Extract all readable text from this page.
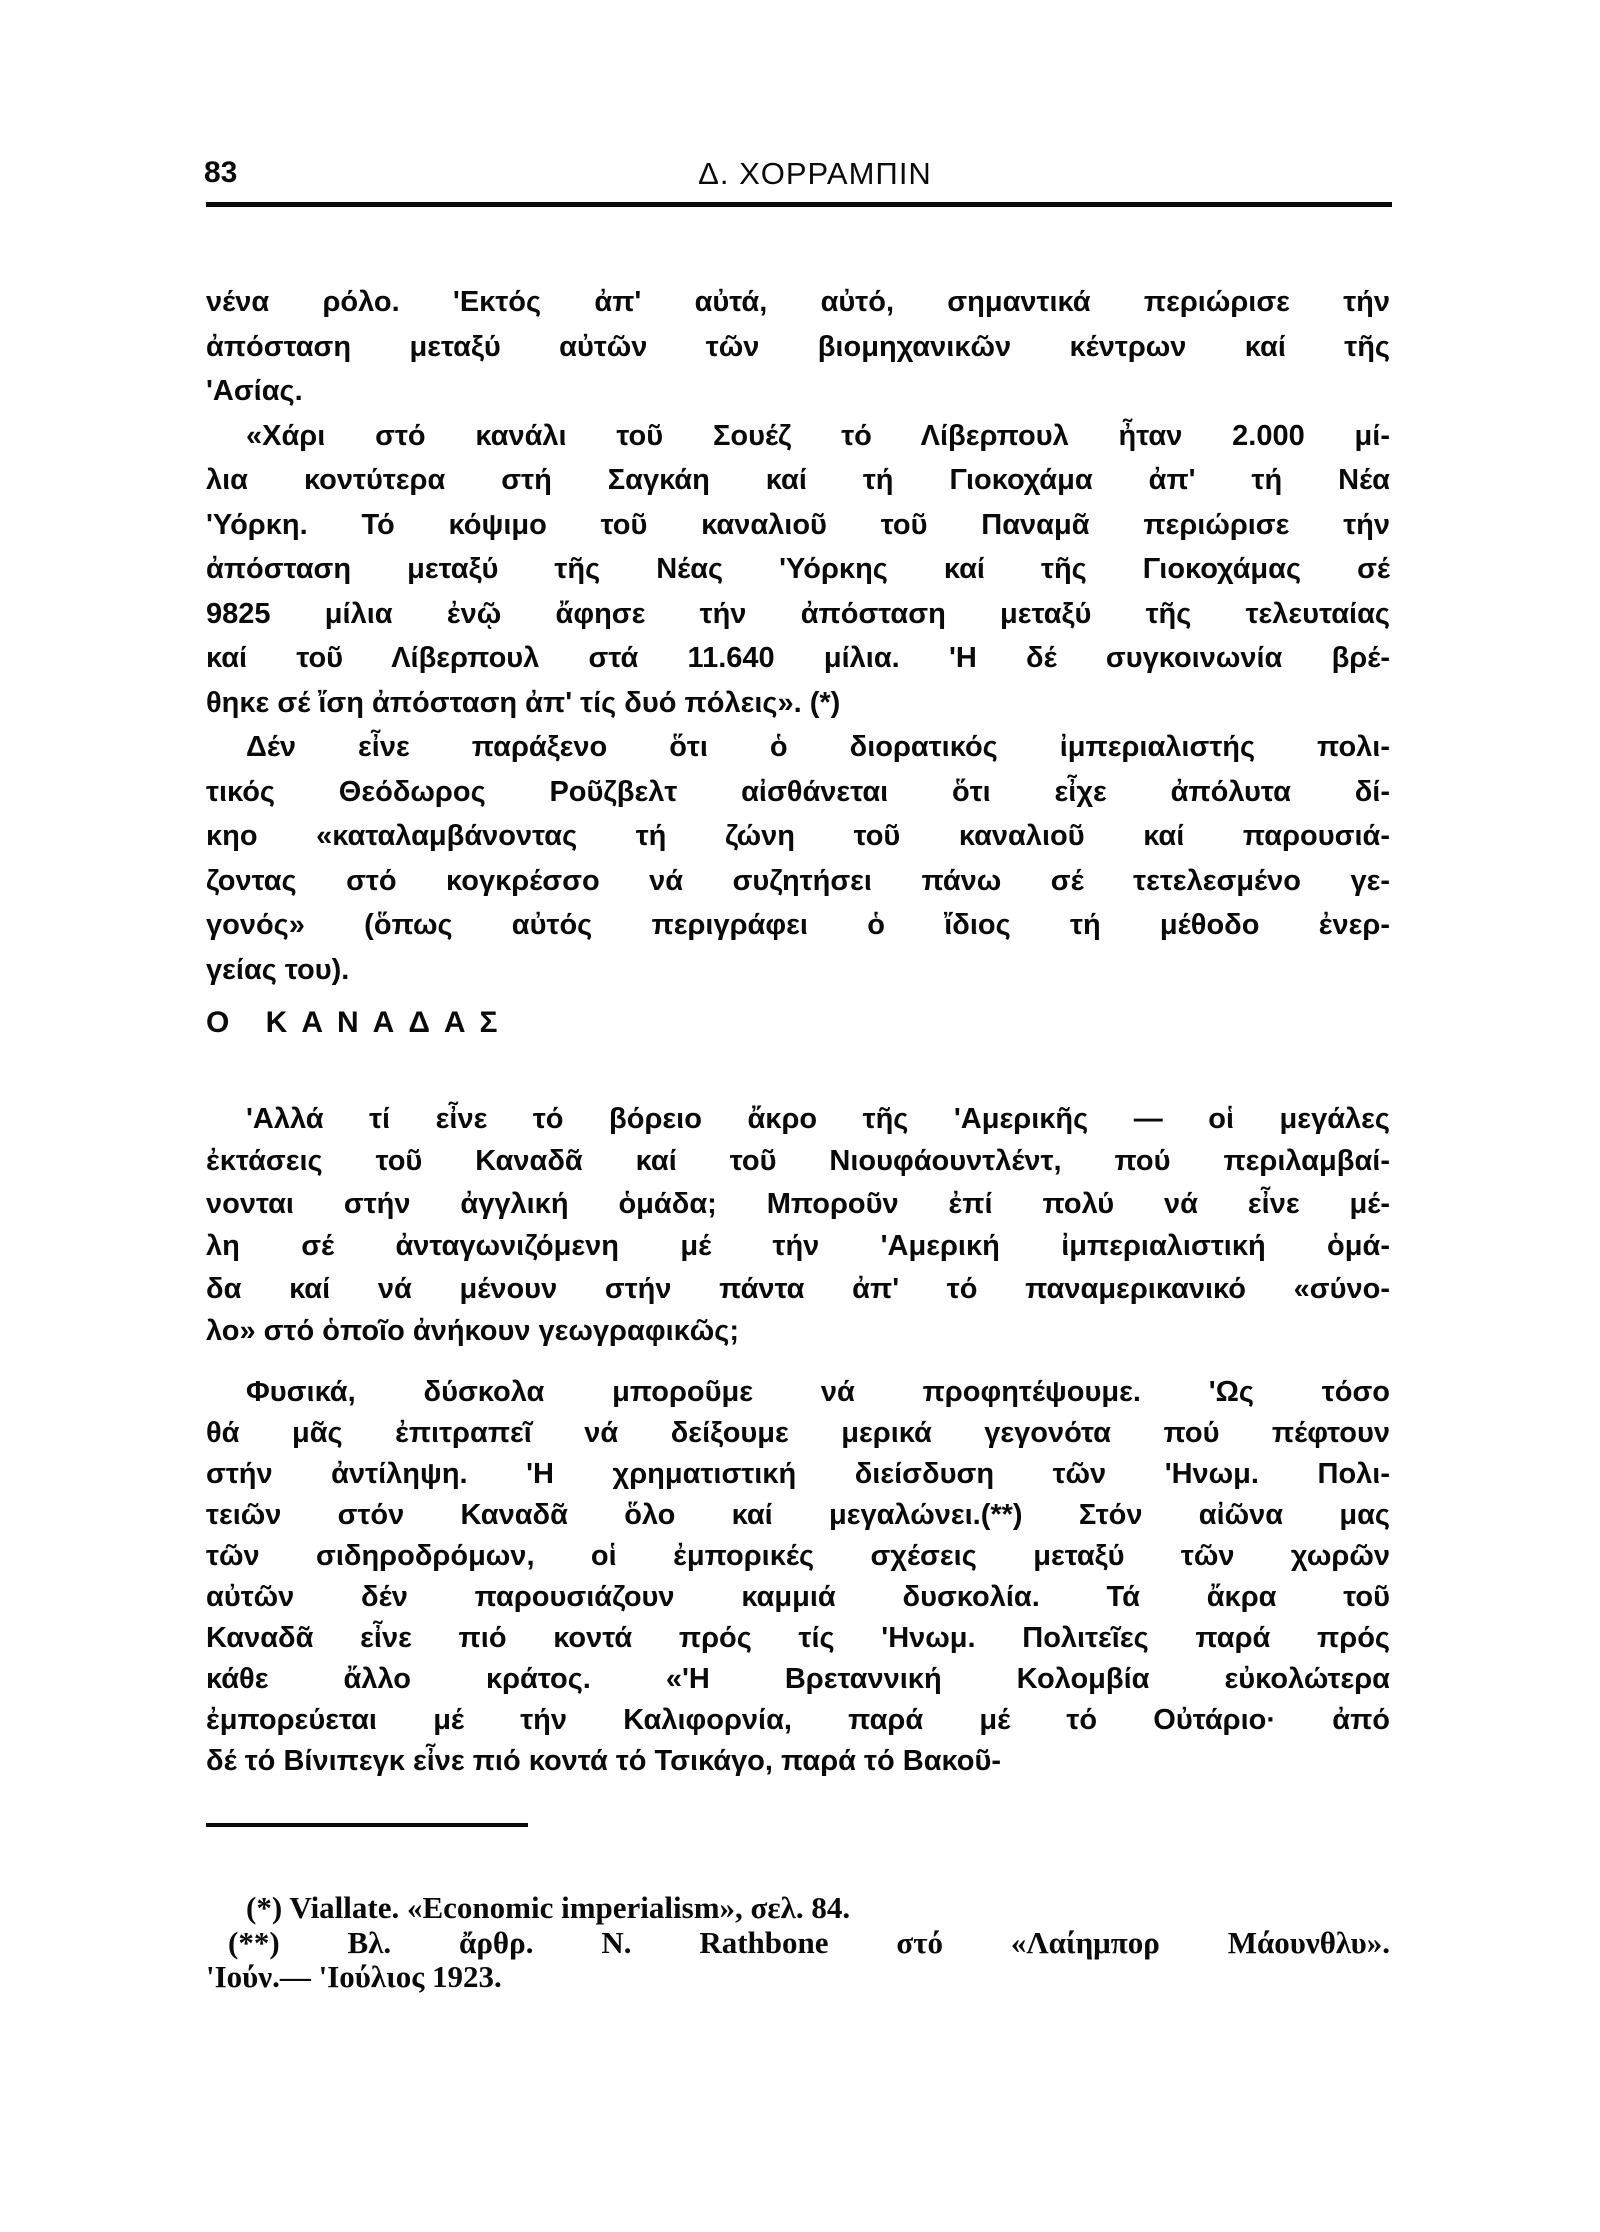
83	Δ. ΧΟΡΡΑΜΠΙΝ
νένα ρόλο. 'Εκτός ἀπ' αὐτά, αὐτό, σημαντικά περιώρισε τήν
ἀπόσταση μεταξύ αὐτῶν τῶν βιομηχανικῶν κέντρων καί τῆς
'Ασίας.
«Χάρι στό κανάλι τοῦ Σουέζ τό Λίβερπουλ ἦταν 2.000 μί-
λια κοντύτερα στή Σαγκάη καί τή Γιοκοχάμα ἀπ' τή Νέα
'Υόρκη. Τό κόψιμο τοῦ καναλιοῦ τοῦ Παναμᾶ περιώρισε τήν
ἀπόσταση μεταξύ τῆς Νέας 'Υόρκης καί τῆς Γιοκοχάμας σέ
9825 μίλια ἐνῷ ἄφησε τήν ἀπόσταση μεταξύ τῆς τελευταίας
καί τοῦ Λίβερπουλ στά 11.640 μίλια. 'Η δέ συγκοινωνία βρέ-
θηκε σέ ἴση ἀπόσταση ἀπ' τίς δυό πόλεις». (*)
Δέν εἶνε παράξενο ὅτι ὁ διορατικός ἰμπεριαλιστής πολι-
τικός Θεόδωρος Ροῦζβελτ αἰσθάνεται ὅτι εἶχε ἀπόλυτα δί-
κηο «καταλαμβάνοντας τή ζώνη τοῦ καναλιοῦ καί παρουσιά-
ζοντας στό κογκρέσσο νά συζητήσει πάνω σέ τετελεσμένο γε-
γονός» (ὅπως αὐτός περιγράφει ὁ ἴδιος τή μέθοδο ἐνερ-
γείας του).
Ο ΚΑΝΑΔΑΣ
'Αλλά τί εἶνε τό βόρειο ἄκρο τῆς 'Αμερικῆς — οἱ μεγάλες
ἐκτάσεις τοῦ Καναδᾶ καί τοῦ Νιουφάουντλέντ, πού περιλαμβαί-
νονται στήν ἀγγλική ὁμάδα; Μποροῦν ἐπί πολύ νά εἶνε μέ-
λη σέ ἀνταγωνιζόμενη μέ τήν 'Αμερική ἰμπεριαλιστική ὁμά-
δα καί νά μένουν στήν πάντα ἀπ' τό παναμερικανικό «σύνο-
λο» στό ὁποῖο ἀνήκουν γεωγραφικῶς;
Φυσικά, δύσκολα μποροῦμε νά προφητέψουμε. 'Ως τόσο
θά μᾶς ἐπιτραπεῖ νά δείξουμε μερικά γεγονότα πού πέφτουν
στήν ἀντίληψη. 'Η χρηματιστική διείσδυση τῶν 'Ηνωμ. Πολι-
τειῶν στόν Καναδᾶ ὅλο καί μεγαλώνει.(**) Στόν αἰῶνα μας
τῶν σιδηροδρόμων, οἱ ἐμπορικές σχέσεις μεταξύ τῶν χωρῶν
αὐτῶν δέν παρουσιάζουν καμμιά δυσκολία. Τά ἄκρα τοῦ
Καναδᾶ εἶνε πιό κοντά πρός τίς 'Ηνωμ. Πολιτεῖες παρά πρός
κάθε ἄλλο κράτος. «'Η Βρεταννική Κολομβία εὐκολώτερα
ἐμπορεύεται μέ τήν Καλιφορνία, παρά μέ τό Οὐτάριο· ἀπό
δέ τό Βίνιπεγκ εἶνε πιό κοντά τό Τσικάγο, παρά τό Βακοῦ-
(*) Viallate. «Economic imperialism», σελ. 84.
(**) Βλ. ἄρθρ. N. Rathbone στό «Λαίημπορ Μάουνθλυ».
'Ιούν.— 'Ιούλιος 1923.
